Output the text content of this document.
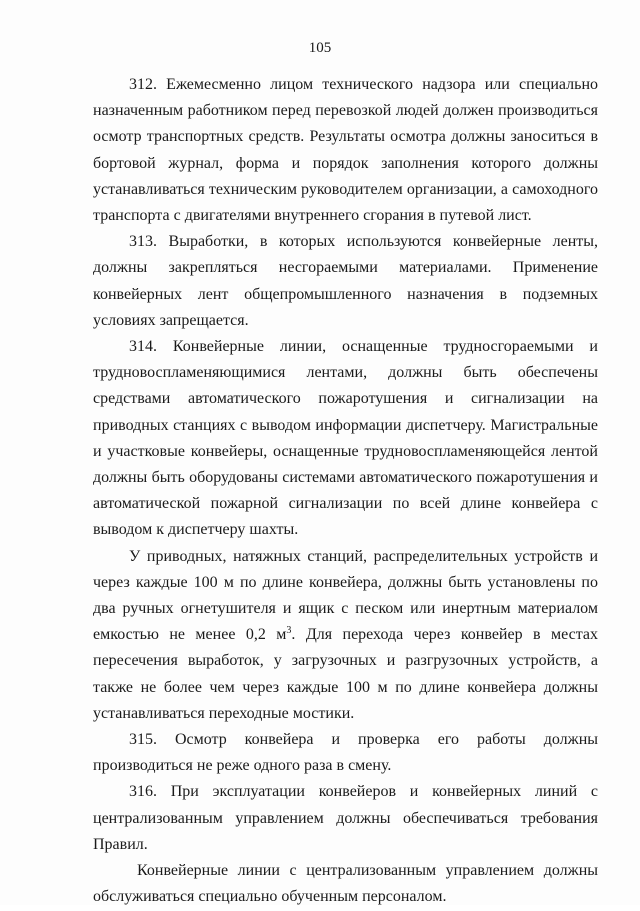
105

312. Ежемесменно лицом технического надзора или специально назначенным работником перед перевозкой людей должен производиться осмотр транспортных средств. Результаты осмотра должны заноситься в бортовой журнал, форма и порядок заполнения которого должны устанавливаться техническим руководителем организации, а самоходного транспорта с двигателями внутреннего сгорания в путевой лист.

313. Выработки, в которых используются конвейерные ленты, должны закрепляться несгораемыми материалами. Применение конвейерных лент общепромышленного назначения в подземных условиях запрещается.

314. Конвейерные линии, оснащенные трудносгораемыми и трудновоспламеняющимися лентами, должны быть обеспечены средствами автоматического пожаротушения и сигнализации на приводных станциях с выводом информации диспетчеру. Магистральные и участковые конвейеры, оснащенные трудновоспламеняющейся лентой должны быть оборудованы системами автоматического пожаротушения и автоматической пожарной сигнализации по всей длине конвейера с выводом к диспетчеру шахты.

У приводных, натяжных станций, распределительных устройств и через каждые 100 м по длине конвейера, должны быть установлены по два ручных огнетушителя и ящик с песком или инертным материалом емкостью не менее 0,2 $м^3$. Для перехода через конвейер в местах пересечения выработок, у загрузочных и разгрузочных устройств, а также не более чем через каждые 100 м по длине конвейера должны устанавливаться переходные мостики.

315. Осмотр конвейера и проверка его работы должны производиться не реже одного раза в смену.

316. При эксплуатации конвейеров и конвейерных линий с централизованным управлением должны обеспечиваться требования Правил.

Конвейерные линии с централизованным управлением должны обслуживаться специально обученным персоналом.
